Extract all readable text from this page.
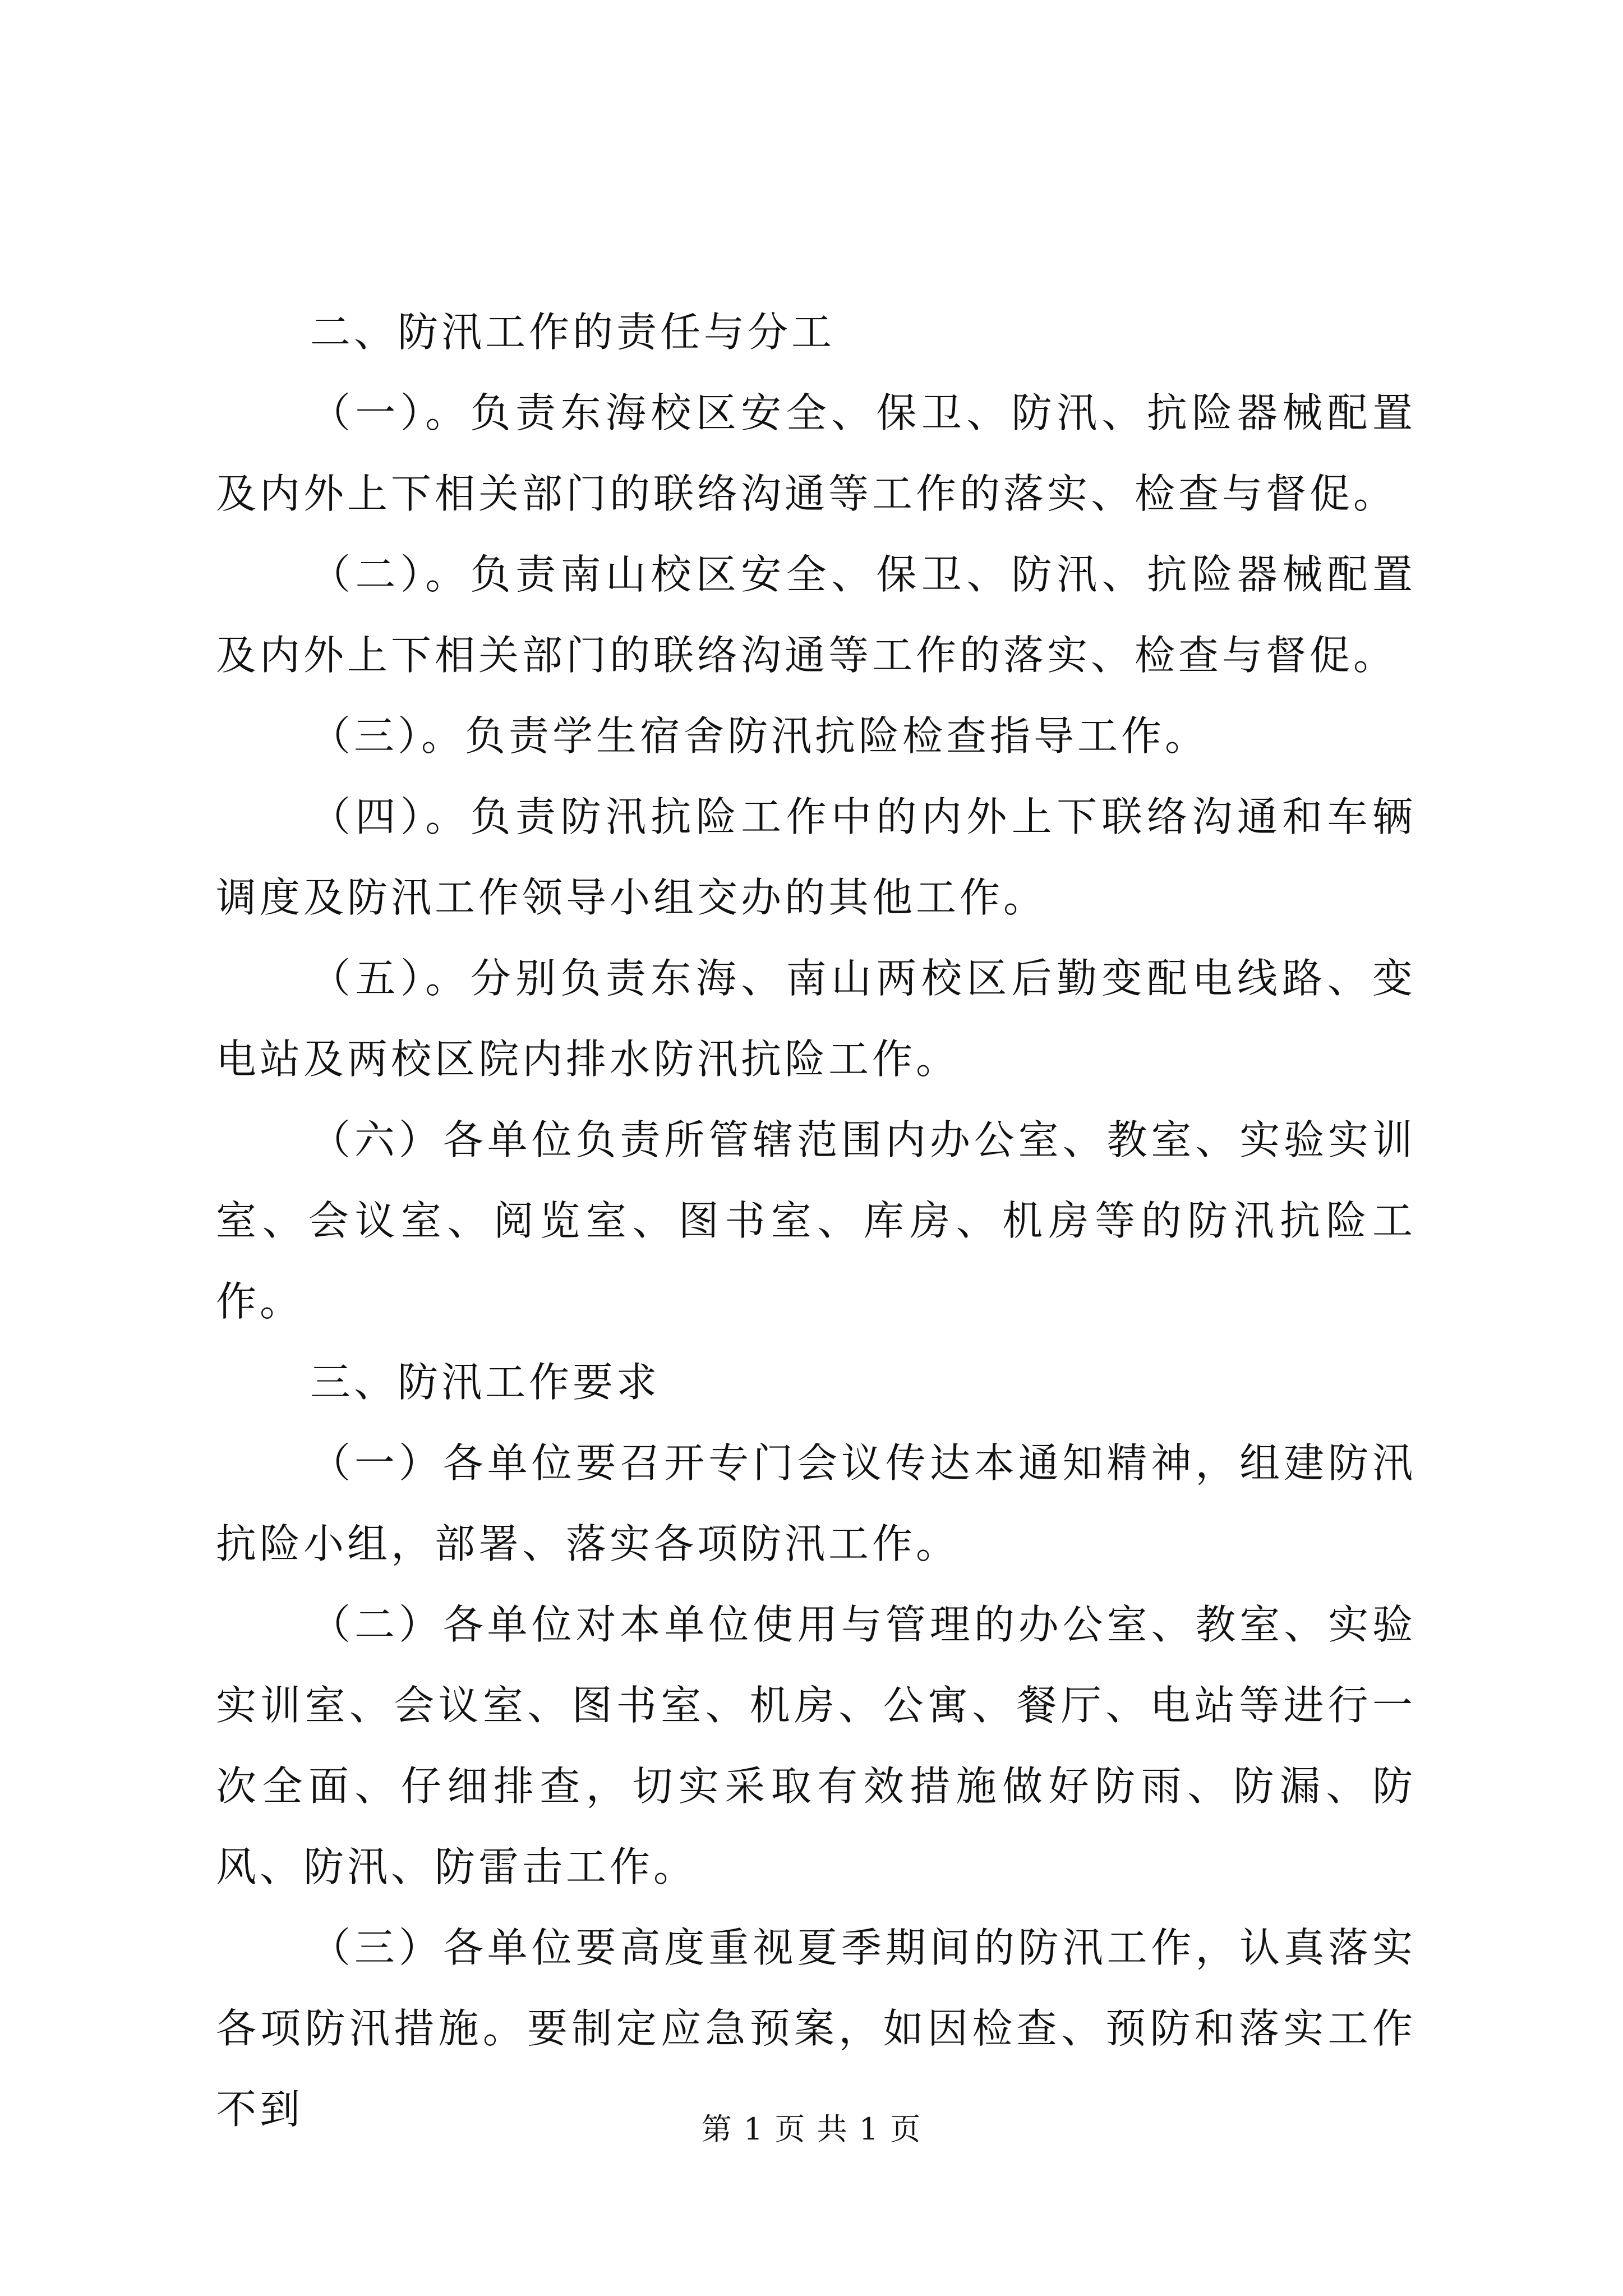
二、防汛工作的责任与分工

（一）。负责东海校区安全、保卫、防汛、抗险器械配置及内外上下相关部门的联络沟通等工作的落实、检查与督促。

（二）。负责南山校区安全、保卫、防汛、抗险器械配置及内外上下相关部门的联络沟通等工作的落实、检查与督促。

（三）。负责学生宿舍防汛抗险检查指导工作。

（四）。负责防汛抗险工作中的内外上下联络沟通和车辆调度及防汛工作领导小组交办的其他工作。

（五）。分别负责东海、南山两校区后勤变配电线路、变电站及两校区院内排水防汛抗险工作。

（六）各单位负责所管辖范围内办公室、教室、实验实训室、会议室、阅览室、图书室、库房、机房等的防汛抗险工作。

三、防汛工作要求

（一）各单位要召开专门会议传达本通知精神，组建防汛抗险小组，部署、落实各项防汛工作。

（二）各单位对本单位使用与管理的办公室、教室、实验实训室、会议室、图书室、机房、公寓、餐厅、电站等进行一次全面、仔细排查，切实采取有效措施做好防雨、防漏、防风、防汛、防雷击工作。

（三）各单位要高度重视夏季期间的防汛工作，认真落实各项防汛措施。要制定应急预案，如因检查、预防和落实工作不到	第 1 页 共 1 页
